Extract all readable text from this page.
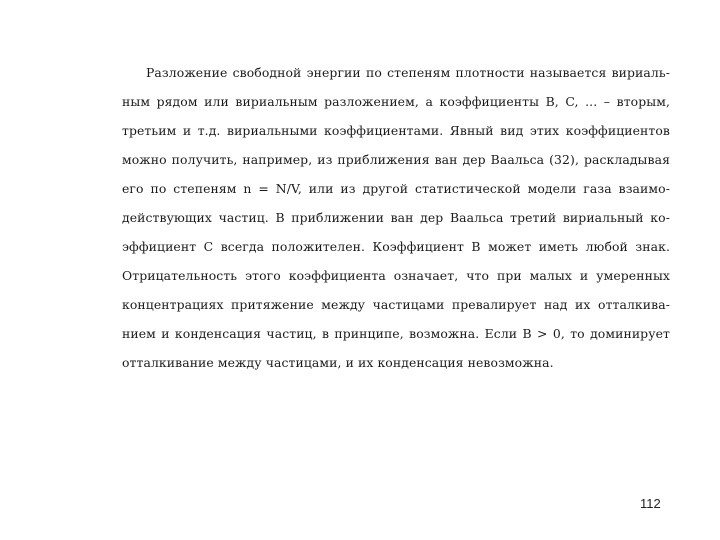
Разложение свободной энергии по степеням плотности называется вириаль-
ным рядом или вириальным разложением, а коэффициенты B, C, ... – вторым,
третьим и т.д. вириальными коэффициентами. Явный вид этих коэффициентов
можно получить, например, из приближения ван дер Ваальса (32), раскладывая
его по степеням n = N/V, или из другой статистической модели газа взаимо-
действующих частиц. В приближении ван дер Ваальса третий вириальный ко-
эффициент C всегда положителен. Коэффициент B может иметь любой знак.
Отрицательность этого коэффициента означает, что при малых и умеренных
концентрациях притяжение между частицами превалирует над их отталкива-
нием и конденсация частиц, в принципе, возможна. Если B > 0, то доминирует
отталкивание между частицами, и их конденсация невозможна.
112
